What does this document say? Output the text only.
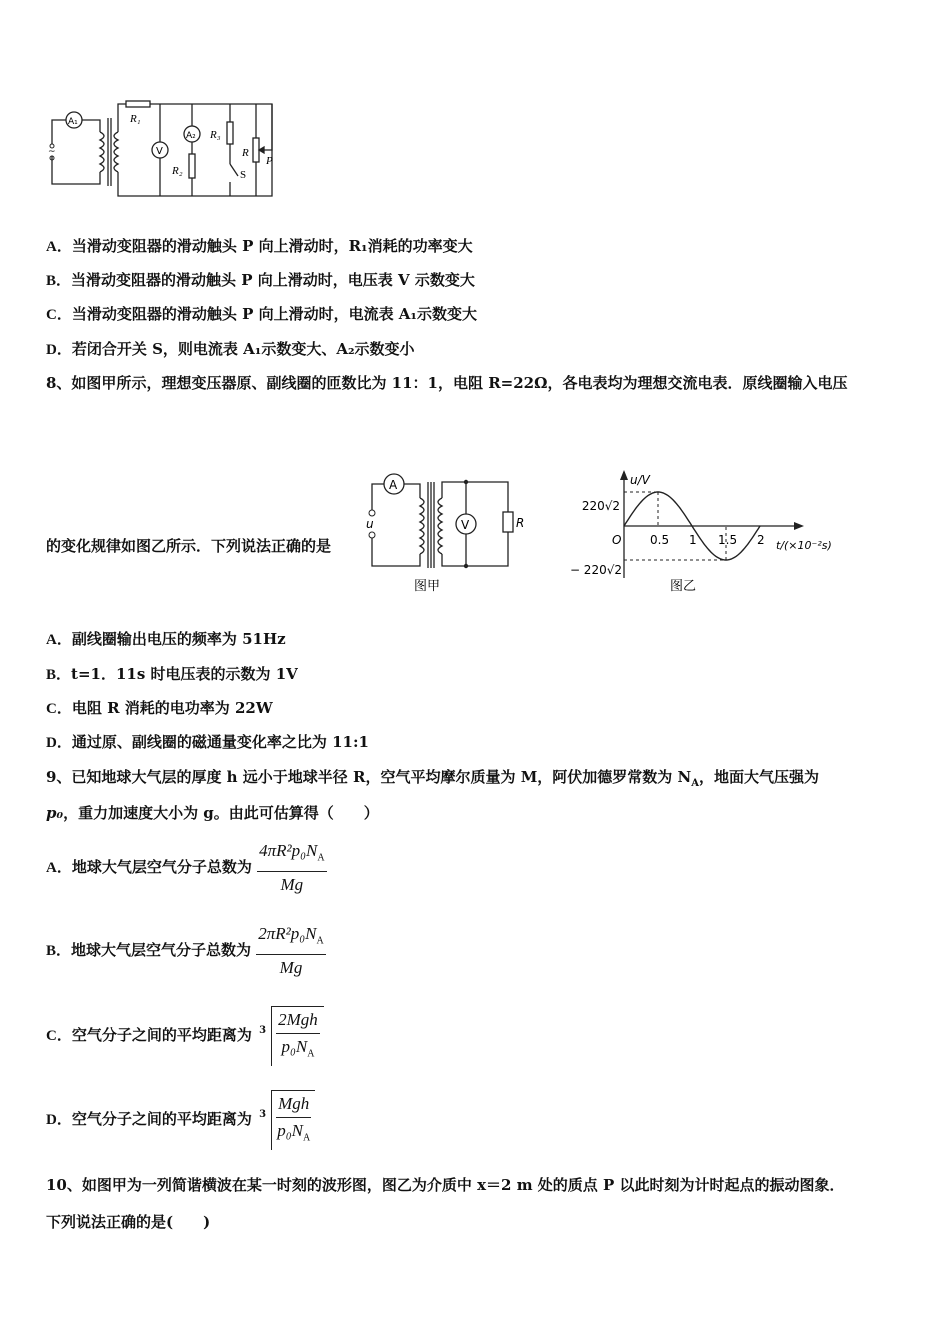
~
A₁	R₁
V
A₂
R₂
R₃
S
R
P
A．当滑动变阻器的滑动触头 P 向上滑动时，R₁消耗的功率变大
B．当滑动变阻器的滑动触头 P 向上滑动时，电压表 V 示数变大
C．当滑动变阻器的滑动触头 P 向上滑动时，电流表 A₁示数变大
D．若闭合开关 S，则电流表 A₁示数变大、A₂示数变小
8、如图甲所示，理想变压器原、副线圈的匝数比为 11：1，电阻 R=22Ω，各电表均为理想交流电表．原线圈输入电压
的变化规律如图乙所示．下列说法正确的是
A
V
u	R
图甲
0.5 1 1.5 2
u/V
t/(×10⁻²s)
O
220√2
− 220√2
图乙
A．副线圈输出电压的频率为 51Hz
B．t=1．11s 时电压表的示数为 1V
C．电阻 R 消耗的电功率为 22W
D．通过原、副线圈的磁通量变化率之比为 11:1
9、已知地球大气层的厚度 h 远小于地球半径 R，空气平均摩尔质量为 M，阿伏加德罗常数为 $N_A$，地面大气压强为
p₀，重力加速度大小为 g。由此可估算得（　　）
A．地球大气层空气分子总数为 $\frac{4\pi R^2p_0N_A}{Mg}$
B．地球大气层空气分子总数为 $\frac{2\pi R^2p_0N_A}{Mg}$
C．空气分子之间的平均距离为 $3 \frac{\text{2Mgh}}{p_0N_A}$
D．空气分子之间的平均距离为 $3 \frac{\text{Mgh}}{p_0N_A}$
10、如图甲为一列简谐横波在某一时刻的波形图，图乙为介质中 x＝2 m 处的质点 P 以此时刻为计时起点的振动图象．
下列说法正确的是(　　)
